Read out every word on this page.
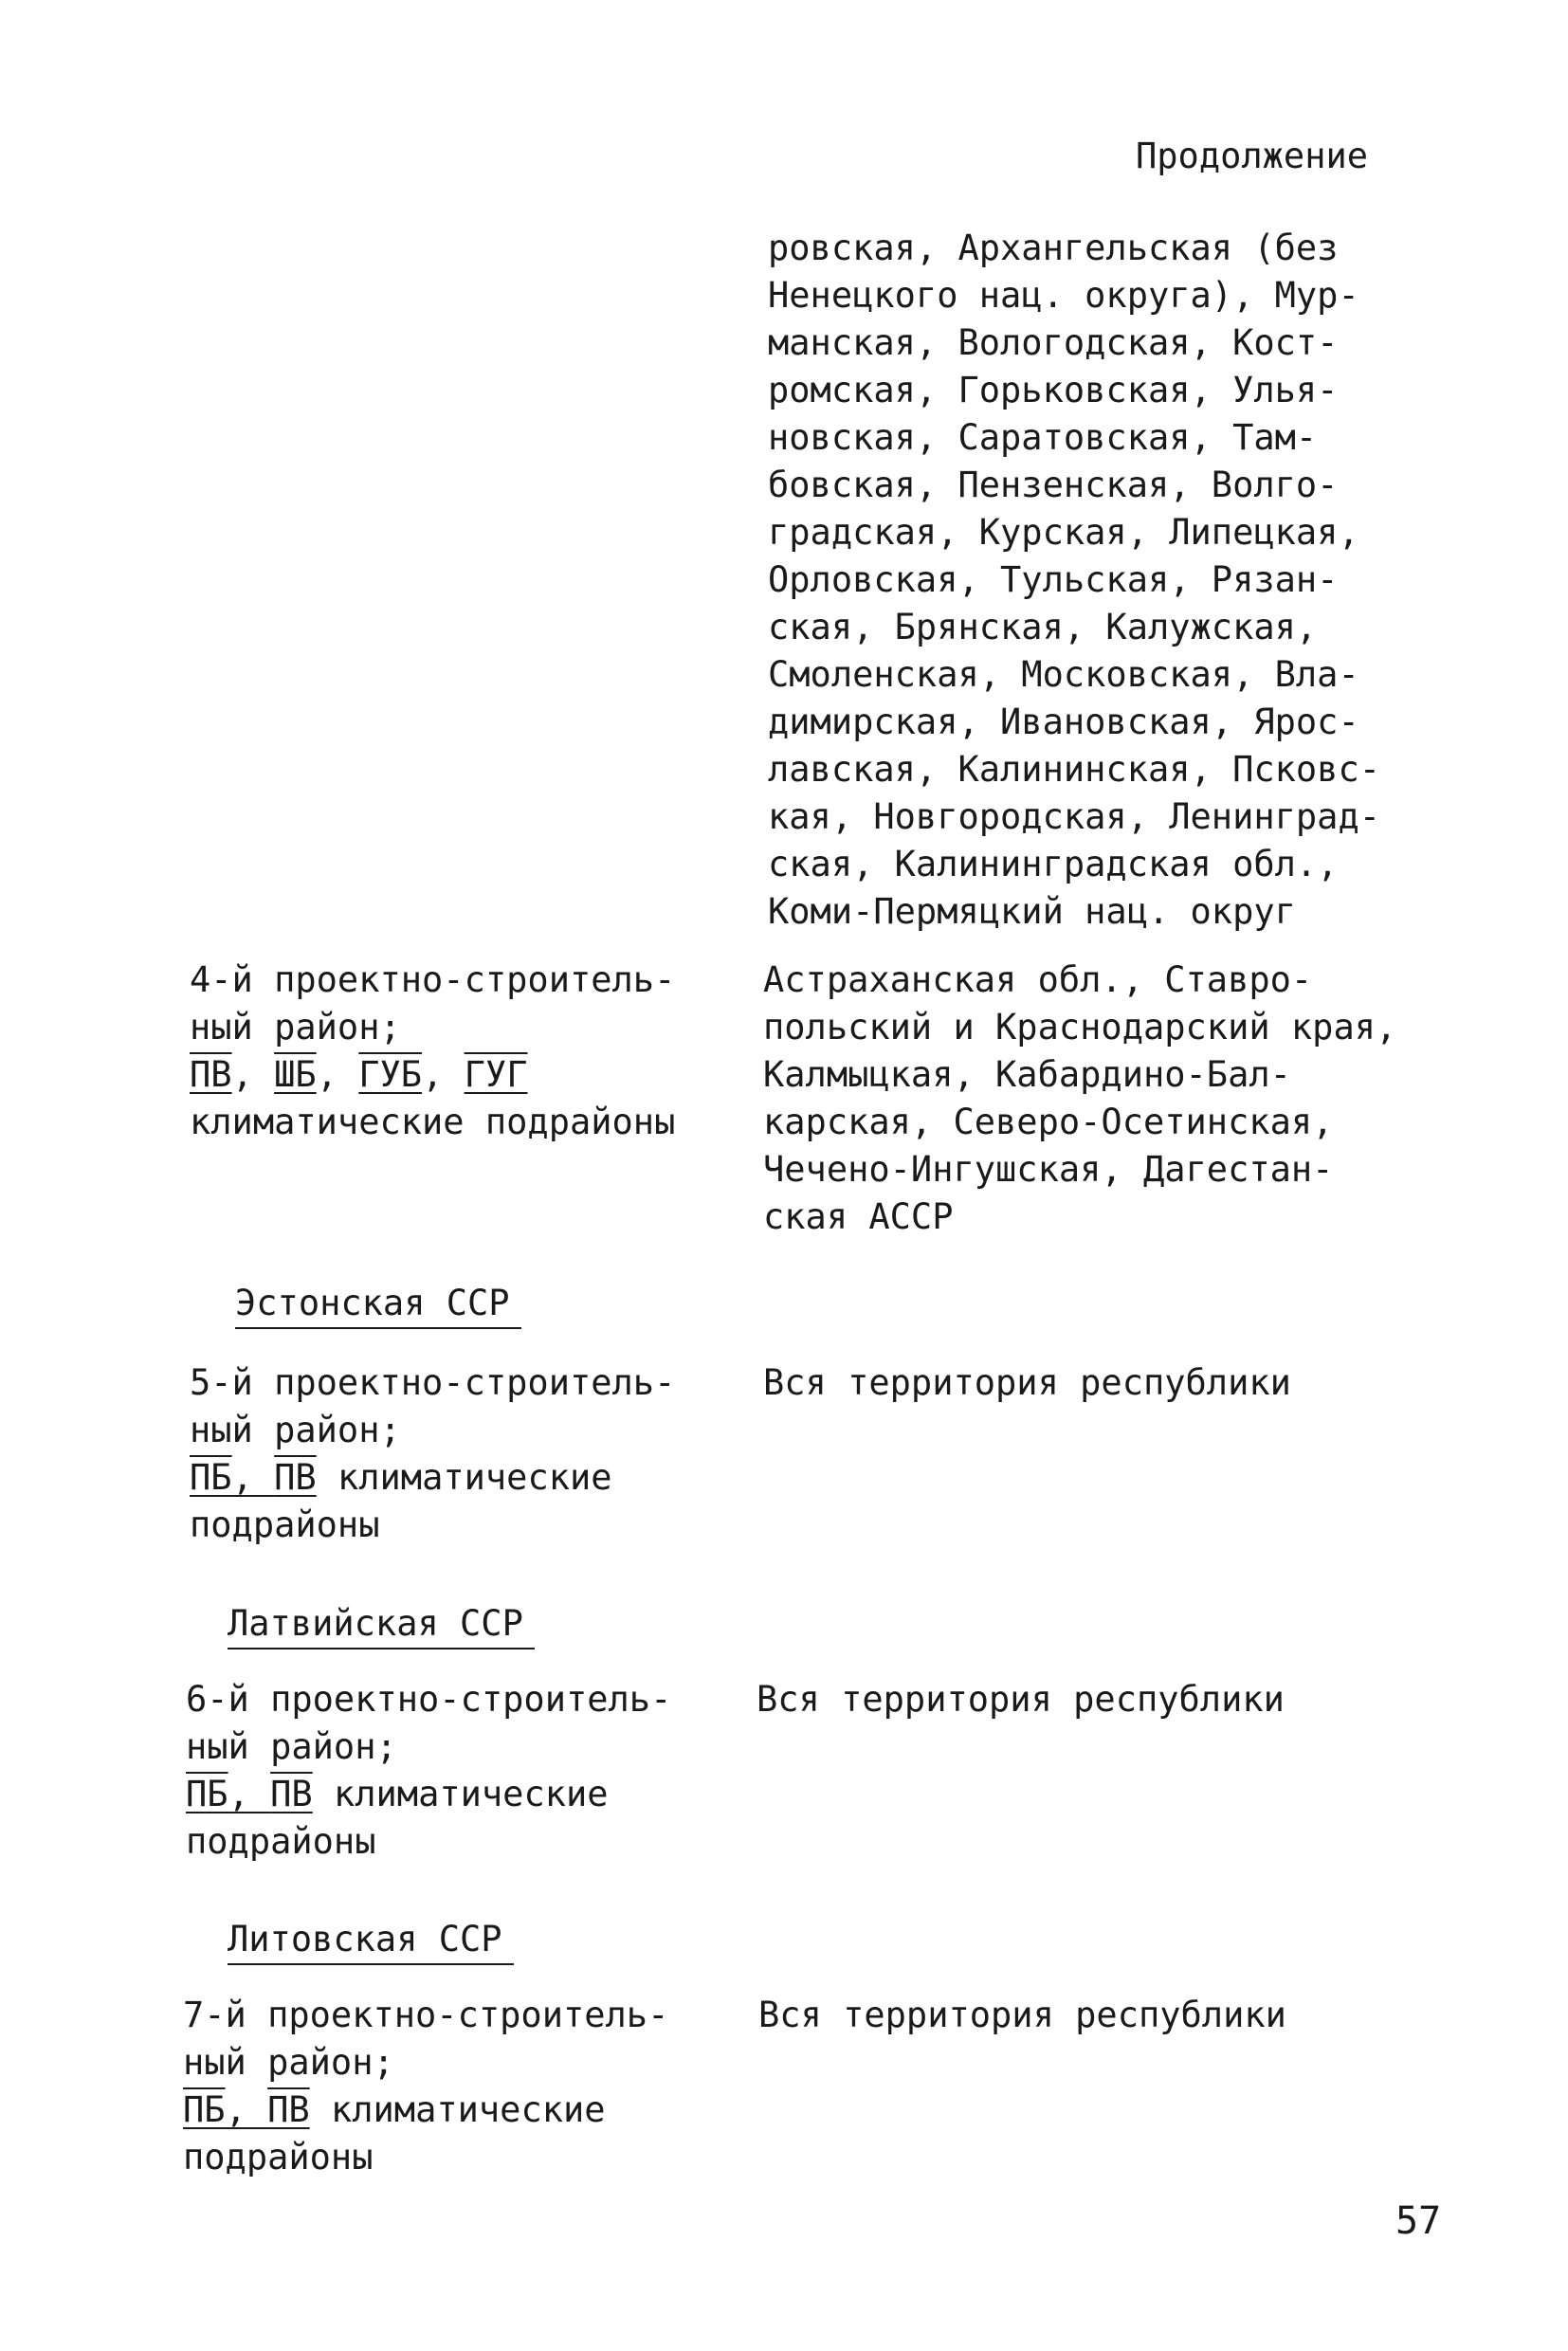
Продолжение
ровская, Архангельская (без
Ненецкого нац. округа), Мур-
манская, Вологодская, Кост-
ромская, Горьковская, Улья-
новская, Саратовская, Там-
бовская, Пензенская, Волго-
градская, Курская, Липецкая,
Орловская, Тульская, Рязан-
ская, Брянская, Калужская,
Смоленская, Московская, Вла-
димирская, Ивановская, Ярос-
лавская, Калининская, Псковс-
кая, Новгородская, Ленинград-
ская, Калининградская обл.,
Коми-Пермяцкий нац. округ
4-й проектно-строитель-
ный район;
ПВ, ШБ, ГУБ, ГУГ
климатические подрайоны
Астраханская обл., Ставро-
польский и Краснодарский края,
Калмыцкая, Кабардино-Бал-
карская, Северо-Осетинская,
Чечено-Ингушская, Дагестан-
ская АССР
Эстонская ССР
5-й проектно-строитель-
ный район;
ПБ, ПВ климатические
подрайоны
Вся территория республики
Латвийская ССР
6-й проектно-строитель-
ный район;
ПБ, ПВ климатические
подрайоны
Вся территория республики
Литовская ССР
7-й проектно-строитель-
ный район;
ПБ, ПВ климатические
подрайоны
Вся территория республики
57
